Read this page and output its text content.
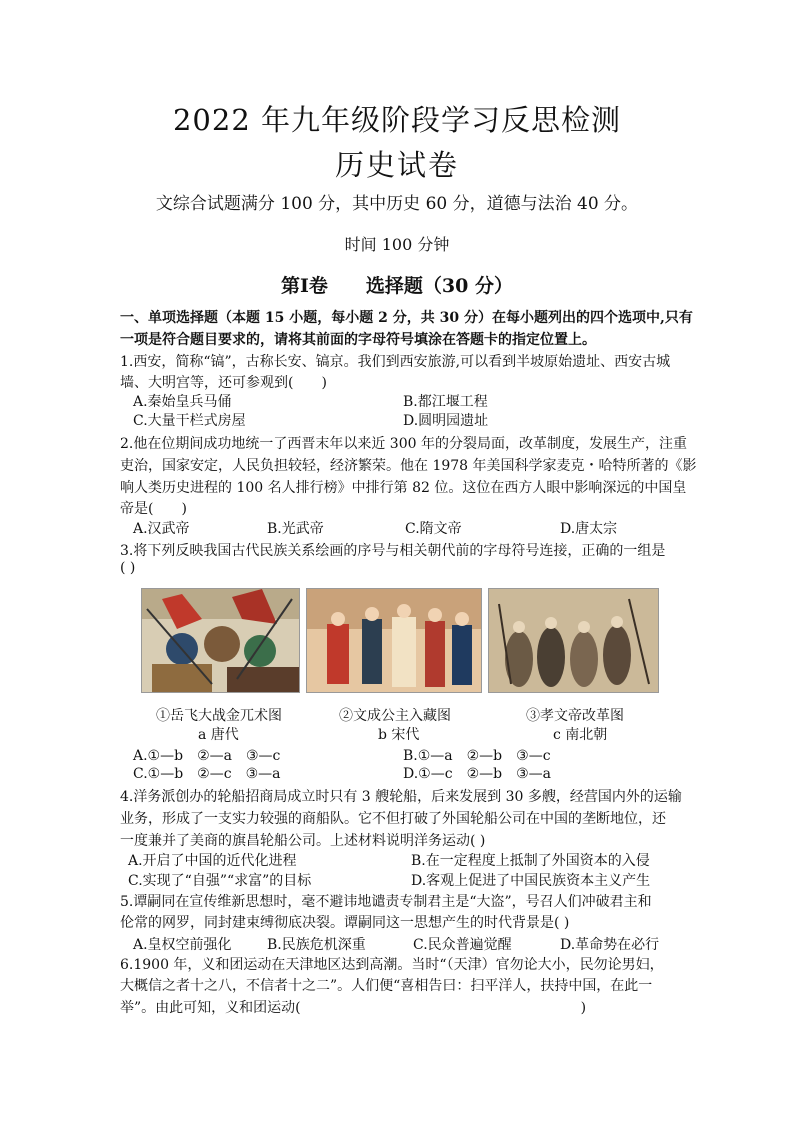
2022 年九年级阶段学习反思检测
历史试卷
文综合试题满分 100 分，其中历史 60 分，道德与法治 40 分。
时间 100 分钟
第Ⅰ卷　　选择题（30 分）
一、单项选择题（本题 15 小题，每小题 2 分，共 30 分）在每小题列出的四个选项中,只有
一项是符合题目要求的，请将其前面的字母符号填涂在答题卡的指定位置上。
1.西安，简称“镐”，古称长安、镐京。我们到西安旅游,可以看到半坡原始遗址、西安古城
墙、大明宫等，还可参观到(　　)
A.秦始皇兵马俑	B.都江堰工程
C.大量干栏式房屋	D.圆明园遗址
2.他在位期间成功地统一了西晋末年以来近 300 年的分裂局面，改革制度，发展生产，注重
吏治，国家安定，人民负担较轻，经济繁荣。他在 1978 年美国科学家麦克・哈特所著的《影
响人类历史进程的 100 名人排行榜》中排行第 82 位。这位在西方人眼中影响深远的中国皇
帝是(　　)
A.汉武帝	B.光武帝	C.隋文帝	D.唐太宗
3.将下列反映我国古代民族关系绘画的序号与相关朝代前的字母符号连接，正确的一组是
( )
①岳飞大战金兀术图	②文成公主入藏图	③孝文帝改革图
a 唐代	b 宋代	c 南北朝
A.①—b　②—a　③—c	B.①—a　②—b　③—c
C.①—b　②—c　③—a	D.①—c　②—b　③—a
4.洋务派创办的轮船招商局成立时只有 3 艘轮船，后来发展到 30 多艘，经营国内外的运输
业务，形成了一支实力较强的商船队。它不但打破了外国轮船公司在中国的垄断地位，还
一度兼并了美商的旗昌轮船公司。上述材料说明洋务运动( )
A.开启了中国的近代化进程	B.在一定程度上抵制了外国资本的入侵
C.实现了“自强”“求富”的目标	D.客观上促进了中国民族资本主义产生
5.谭嗣同在宣传维新思想时，毫不避讳地谴责专制君主是“大盗”，号召人们冲破君主和
伦常的网罗，同封建束缚彻底决裂。谭嗣同这一思想产生的时代背景是( )
A.皇权空前强化	B.民族危机深重	C.民众普遍觉醒	D.革命势在必行
6.1900 年，义和团运动在天津地区达到高潮。当时“（天津）官勿论大小，民勿论男妇，
大概信之者十之八，不信者十之二”。人们便“喜相告曰：扫平洋人，扶持中国，在此一
举”。由此可知，义和团运动(　　　　　　　　　　　　　　　　　　　　)
